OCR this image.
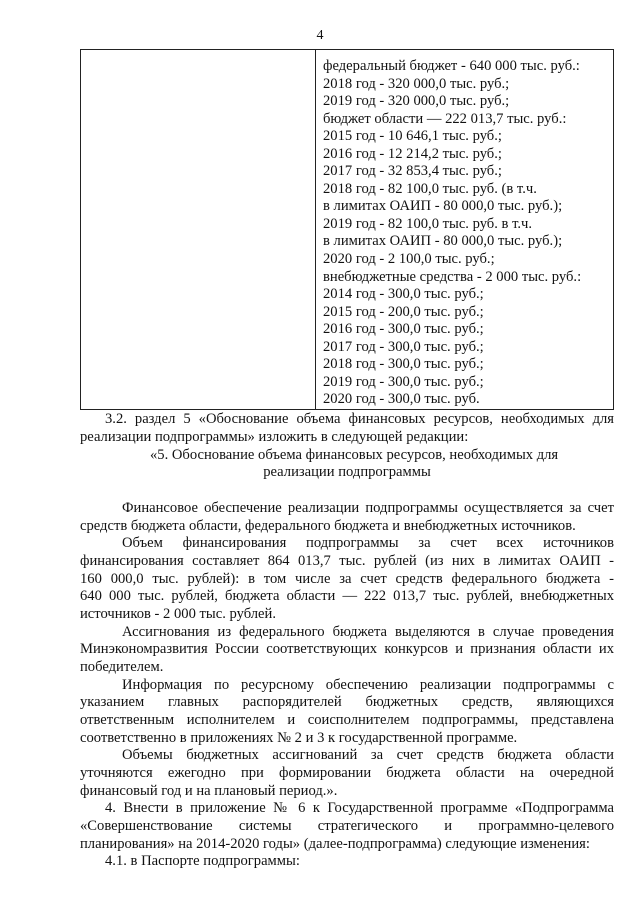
4
федеральный бюджет - 640 000 тыс. руб.:
2018 год - 320 000,0 тыс. руб.;
2019 год - 320 000,0 тыс. руб.;
бюджет области — 222 013,7 тыс. руб.:
2015 год - 10 646,1 тыс. руб.;
2016 год - 12 214,2 тыс. руб.;
2017 год - 32 853,4 тыс. руб.;
2018 год - 82 100,0 тыс. руб. (в т.ч.
в лимитах ОАИП - 80 000,0 тыс. руб.);
2019 год - 82 100,0 тыс. руб. в т.ч.
в лимитах ОАИП - 80 000,0 тыс. руб.);
2020 год - 2 100,0 тыс. руб.;
внебюджетные средства - 2 000 тыс. руб.:
2014 год - 300,0 тыс. руб.;
2015 год - 200,0 тыс. руб.;
2016 год - 300,0 тыс. руб.;
2017 год - 300,0 тыс. руб.;
2018 год - 300,0 тыс. руб.;
2019 год - 300,0 тыс. руб.;
2020 год - 300,0 тыс. руб.
3.2. раздел 5 «Обоснование объема финансовых ресурсов, необходимых для
реализации подпрограммы» изложить в следующей редакции:
«5. Обоснование объема финансовых ресурсов, необходимых для
реализации подпрограммы
Финансовое обеспечение реализации подпрограммы осуществляется за счет
средств бюджета области, федерального бюджета и внебюджетных источников.
Объем финансирования подпрограммы за счет всех источников
финансирования составляет 864 013,7 тыс. рублей (из них в лимитах ОАИП -
160 000,0 тыс. рублей): в том числе за счет средств федерального бюджета -
640 000 тыс. рублей, бюджета области — 222 013,7 тыс. рублей, внебюджетных
источников - 2 000 тыс. рублей.
Ассигнования из федерального бюджета выделяются в случае проведения
Минэкономразвития России соответствующих конкурсов и признания области их
победителем.
Информация по ресурсному обеспечению реализации подпрограммы с
указанием главных распорядителей бюджетных средств, являющихся
ответственным исполнителем и соисполнителем подпрограммы, представлена
соответственно в приложениях № 2 и 3 к государственной программе.
Объемы бюджетных ассигнований за счет средств бюджета области
уточняются ежегодно при формировании бюджета области на очередной
финансовый год и на плановый период.».
4. Внести в приложение № 6 к Государственной программе «Подпрограмма
«Совершенствование системы стратегического и программно-целевого
планирования» на 2014-2020 годы» (далее-подпрограмма) следующие изменения:
4.1. в Паспорте подпрограммы:
